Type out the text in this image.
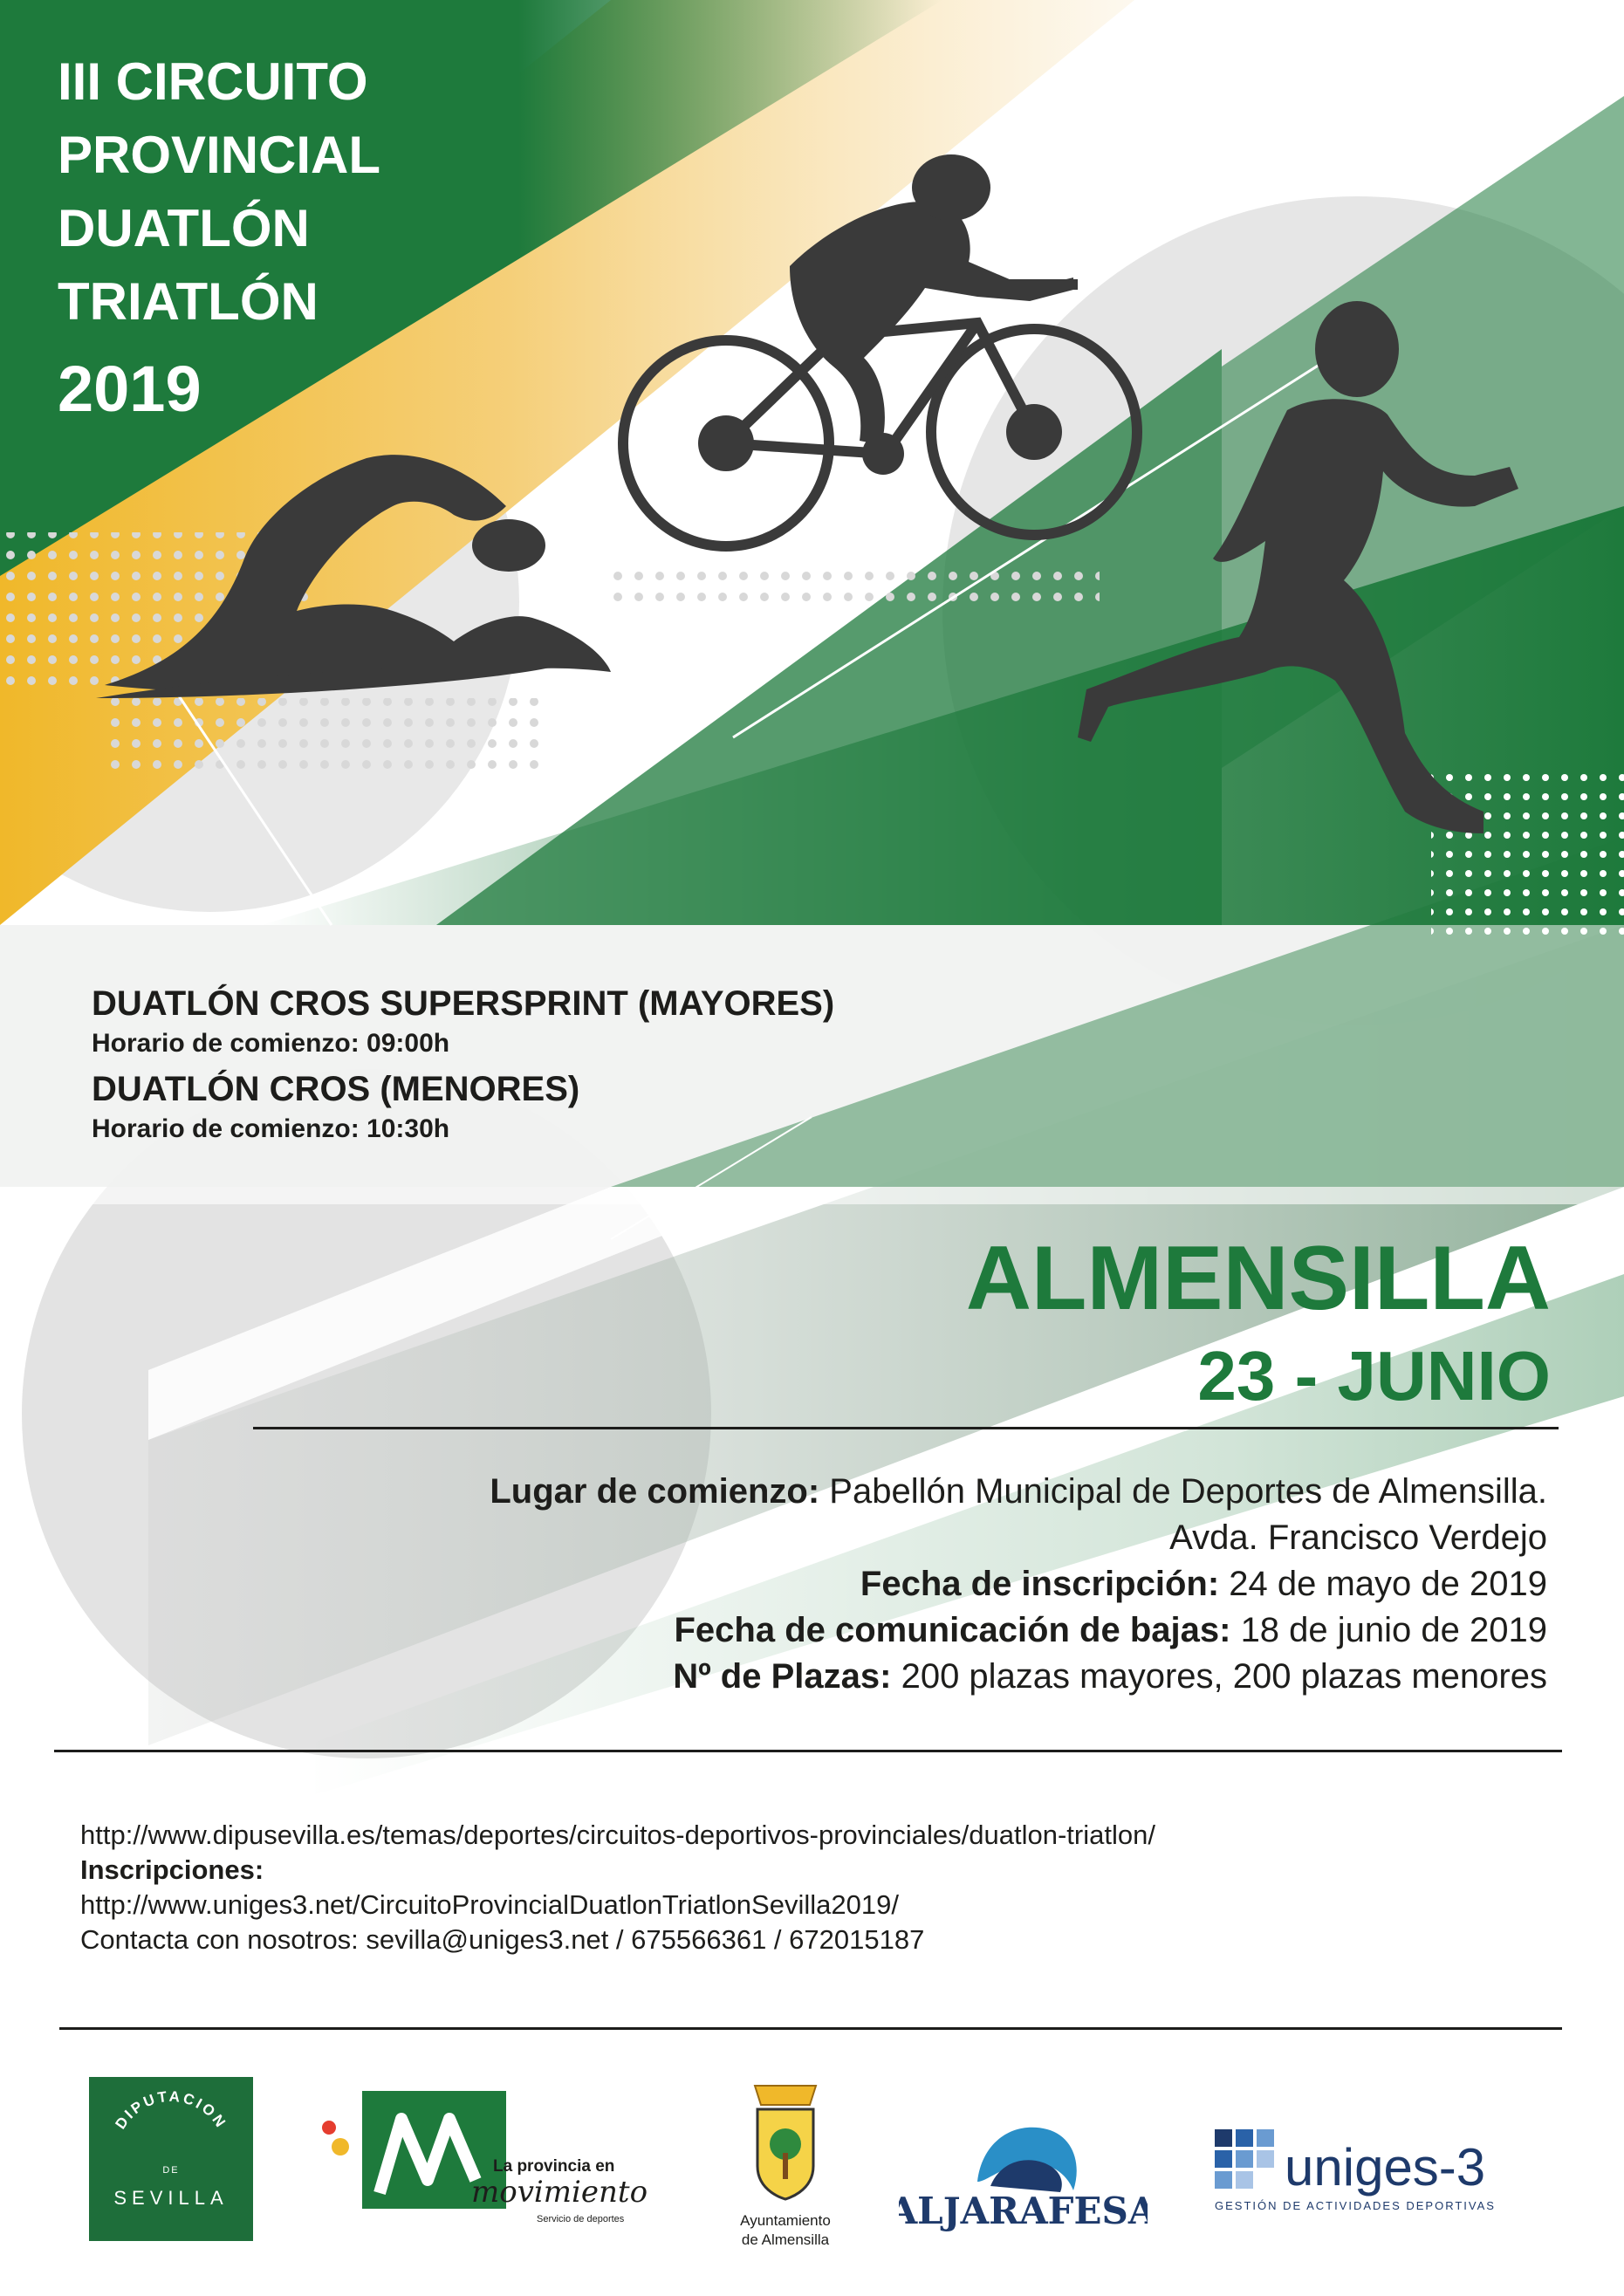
III CIRCUITO
PROVINCIAL
DUATLÓN
TRIATLÓN
2019
DUATLÓN CROS SUPERSPRINT (MAYORES)
Horario de comienzo: 09:00h
DUATLÓN CROS (MENORES)
Horario de comienzo: 10:30h
ALMENSILLA
23 - JUNIO
Lugar de comienzo: Pabellón Municipal de Deportes de Almensilla.
Avda. Francisco Verdejo
Fecha de inscripción: 24 de mayo de 2019
Fecha de comunicación de bajas: 18 de junio de 2019
Nº de Plazas: 200 plazas mayores, 200 plazas menores
http://www.dipusevilla.es/temas/deportes/circuitos-deportivos-provinciales/duatlon-triatlon/
Inscripciones:
http://www.uniges3.net/CircuitoProvincialDuatlonTriatlonSevilla2019/
Contacta con nosotros: sevilla@uniges3.net / 675566361 / 672015187
DIPUTACION
DE
SEVILLA
La provincia en
movimiento
Servicio de deportes	Ayuntamiento
de Almensilla
ALJARAFESA
uniges-3
GESTIÓN DE ACTIVIDADES DEPORTIVAS
